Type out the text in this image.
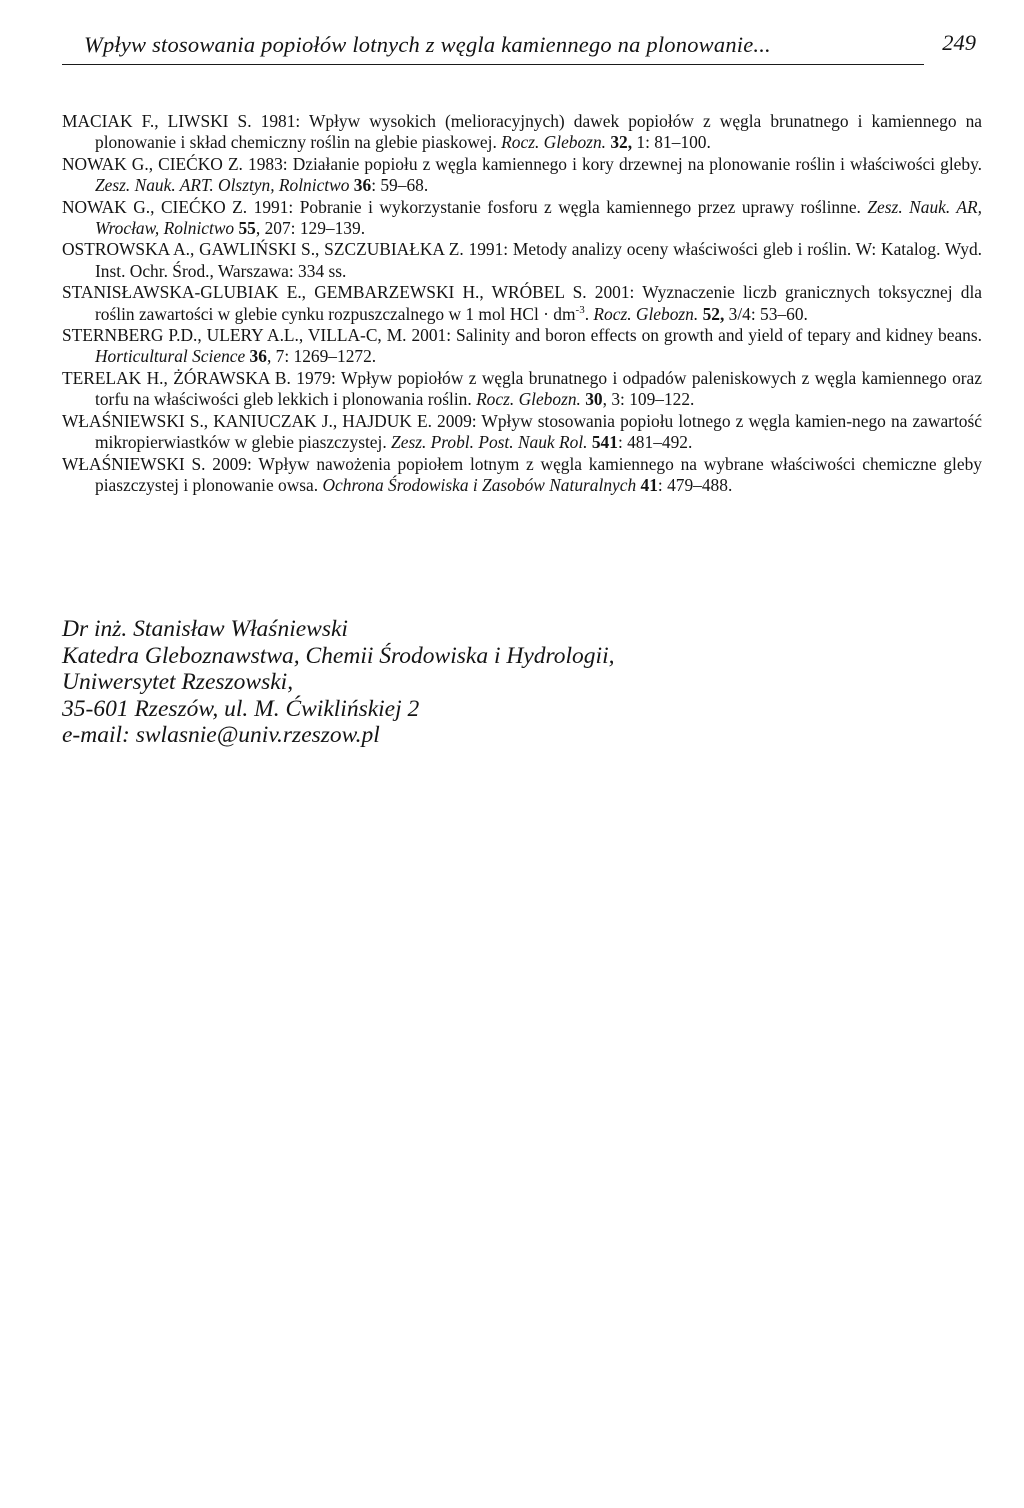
Wpływ stosowania popiołów lotnych z węgla kamiennego na plonowanie...	249

MACIAK F., LIWSKI S. 1981: Wpływ wysokich (melioracyjnych) dawek popiołów z węgla brunatnego i kamiennego na plonowanie i skład chemiczny roślin na glebie piaskowej. Rocz. Glebozn. 32, 1: 81–100.

NOWAK G., CIEĆKO Z. 1983: Działanie popiołu z węgla kamiennego i kory drzewnej na plonowanie roślin i właściwości gleby. Zesz. Nauk. ART. Olsztyn, Rolnictwo 36: 59–68.

NOWAK G., CIEĆKO Z. 1991: Pobranie i wykorzystanie fosforu z węgla kamiennego przez uprawy roślinne. Zesz. Nauk. AR, Wrocław, Rolnictwo 55, 207: 129–139.

OSTROWSKA A., GAWLIŃSKI S., SZCZUBIAŁKA Z. 1991: Metody analizy oceny właściwości gleb i roślin. W: Katalog. Wyd. Inst. Ochr. Środ., Warszawa: 334 ss.

STANISŁAWSKA-GLUBIAK E., GEMBARZEWSKI H., WRÓBEL S. 2001: Wyznaczenie liczb granicznych toksycznej dla roślin zawartości w glebie cynku rozpuszczalnego w 1 mol HCl · $dm^{-3}$. Rocz. Glebozn. 52, 3/4: 53–60.

STERNBERG P.D., ULERY A.L., VILLA-C, M. 2001: Salinity and boron effects on growth and yield of tepary and kidney beans. Horticultural Science 36, 7: 1269–1272.

TERELAK H., ŻÓRAWSKA B. 1979: Wpływ popiołów z węgla brunatnego i odpadów paleniskowych z węgla kamiennego oraz torfu na właściwości gleb lekkich i plonowania roślin. Rocz. Glebozn. 30, 3: 109–122.

WŁAŚNIEWSKI S., KANIUCZAK J., HAJDUK E. 2009: Wpływ stosowania popiołu lotnego z węgla kamien-nego na zawartość mikropierwiastków w glebie piaszczystej. Zesz. Probl. Post. Nauk Rol. 541: 481–492.

WŁAŚNIEWSKI S. 2009: Wpływ nawożenia popiołem lotnym z węgla kamiennego na wybrane właściwości chemiczne gleby piaszczystej i plonowanie owsa. Ochrona Środowiska i Zasobów Naturalnych 41: 479–488.

Dr inż. Stanisław Właśniewski

Katedra Gleboznawstwa, Chemii Środowiska i Hydrologii,

Uniwersytet Rzeszowski,

35-601 Rzeszów, ul. M. Ćwiklińskiej 2

e-mail: swlasnie@univ.rzeszow.pl
